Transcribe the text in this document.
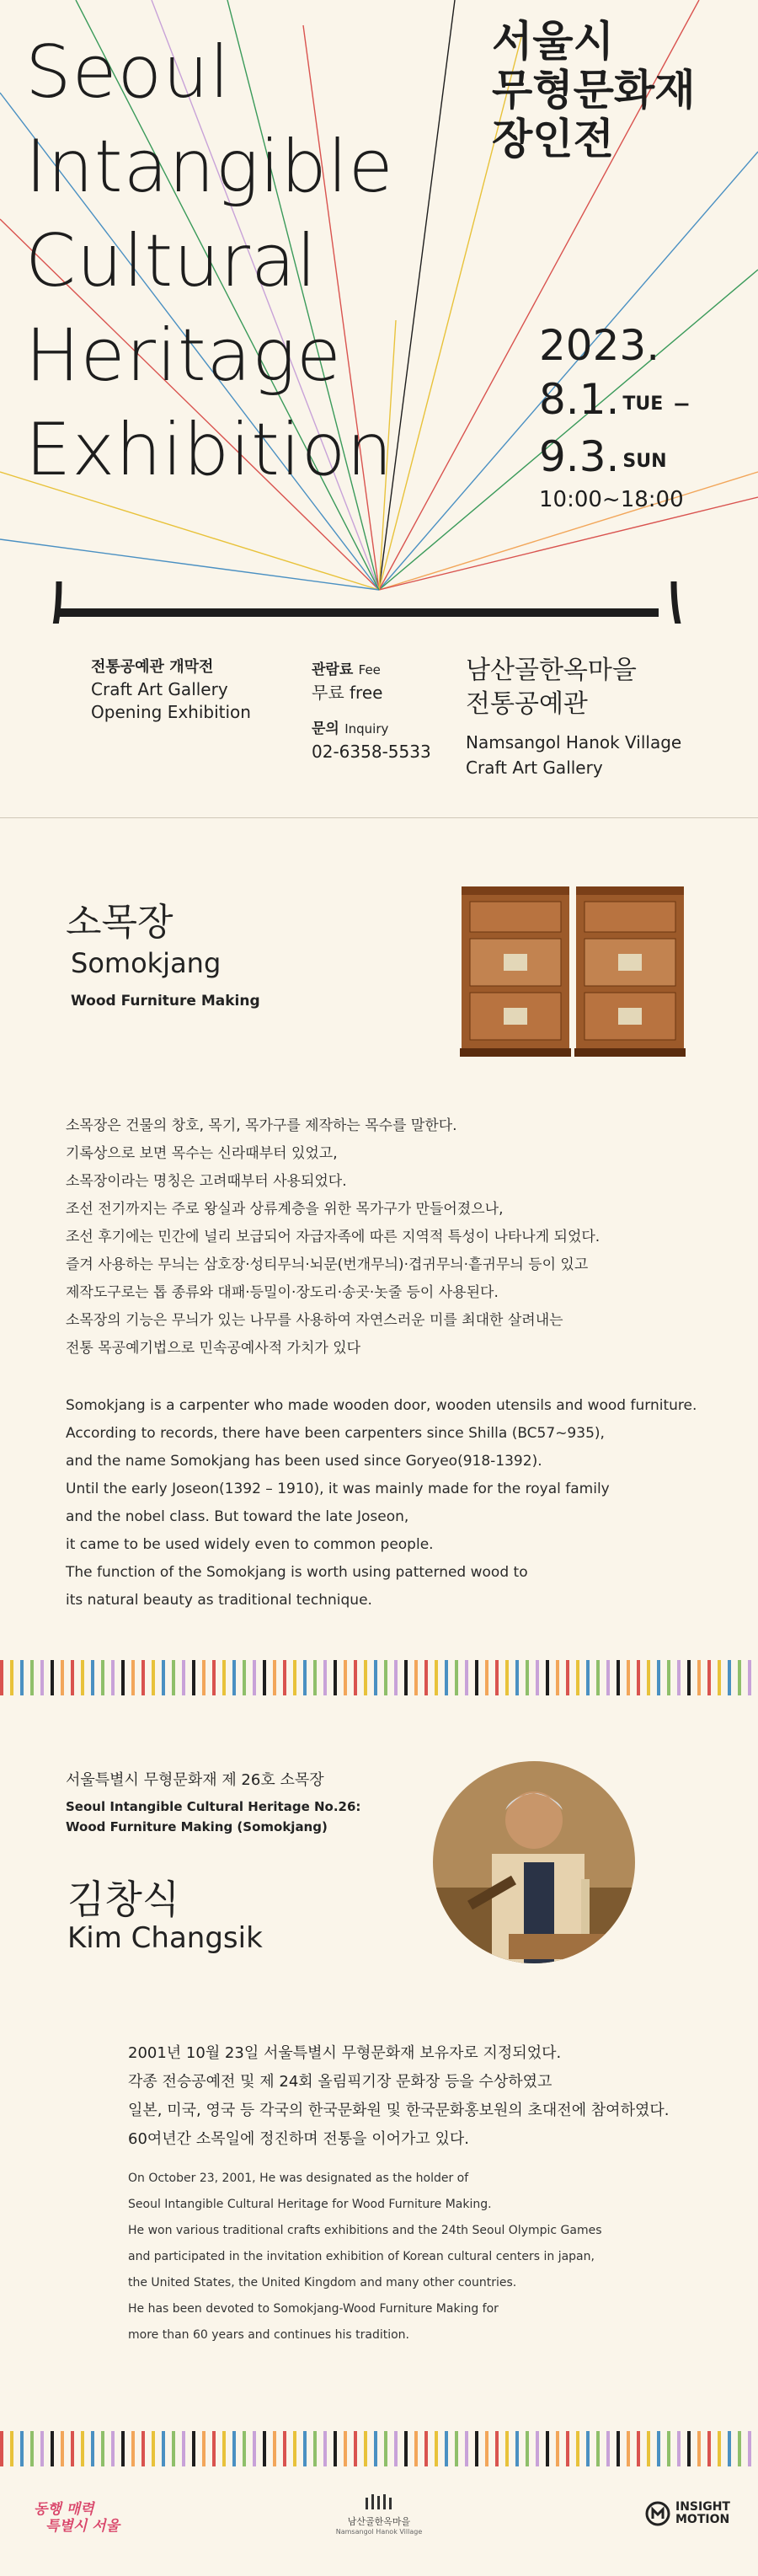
Seoul
Intangible
Cultural
Heritage
Exhibition
서울시
무형문화재
장인전
2023.
8.1. $^{TUE}$ –
9.3. $^{SUN}$
10:00~18:00
전통공예관 개막전
Craft Art Gallery
Opening Exhibition
관람료 Fee
무료 free
문의 Inquiry
02-6358-5533
남산골한옥마을
전통공예관
Namsangol Hanok Village
Craft Art Gallery
소목장
Somokjang
Wood Furniture Making

소목장은 건물의 창호, 목기, 목가구를 제작하는 목수를 말한다.

기록상으로 보면 목수는 신라때부터 있었고,

소목장이라는 명칭은 고려때부터 사용되었다.

조선 전기까지는 주로 왕실과 상류계층을 위한 목가구가 만들어졌으나,

조선 후기에는 민간에 널리 보급되어 자급자족에 따른 지역적 특성이 나타나게 되었다.

즐겨 사용하는 무늬는 삼호장·성티무늬·뇌문(번개무늬)·겹귀무늬·흩귀무늬 등이 있고

제작도구로는 톱 종류와 대패·등밀이·장도리·송곳·놋줄 등이 사용된다.

소목장의 기능은 무늬가 있는 나무를 사용하여 자연스러운 미를 최대한 살려내는

전통 목공예기법으로 민속공예사적 가치가 있다

Somokjang is a carpenter who made wooden door, wooden utensils and wood furniture.

According to records, there have been carpenters since Shilla (BC57~935),

and the name Somokjang has been used since Goryeo(918-1392).

Until the early Joseon(1392 – 1910), it was mainly made for the royal family

and the nobel class. But toward the late Joseon,

it came to be used widely even to common people.

The function of the Somokjang is worth using patterned wood to

its natural beauty as traditional technique.

서울특별시 무형문화재 제 26호 소목장
Seoul Intangible Cultural Heritage No.26:
Wood Furniture Making (Somokjang)
김창식
Kim Changsik

2001년 10월 23일 서울특별시 무형문화재 보유자로 지정되었다.

각종 전승공예전 및 제 24회 올림픽기장 문화장 등을 수상하였고

일본, 미국, 영국 등 각국의 한국문화원 및 한국문화홍보원의 초대전에 참여하였다.

60여년간 소목일에 정진하며 전통을 이어가고 있다.

On October 23, 2001, He was designated as the holder of

Seoul Intangible Cultural Heritage for Wood Furniture Making.

He won various traditional crafts exhibitions and the 24th Seoul Olympic Games

and participated in the invitation exhibition of Korean cultural centers in japan,

the United States, the United Kingdom and many other countries.

He has been devoted to Somokjang-Wood Furniture Making for

more than 60 years and continues his tradition.

동행 매력
특별시 서울	남산골한옥마을
Namsangol Hanok Village
INSIGHT
MOTION
